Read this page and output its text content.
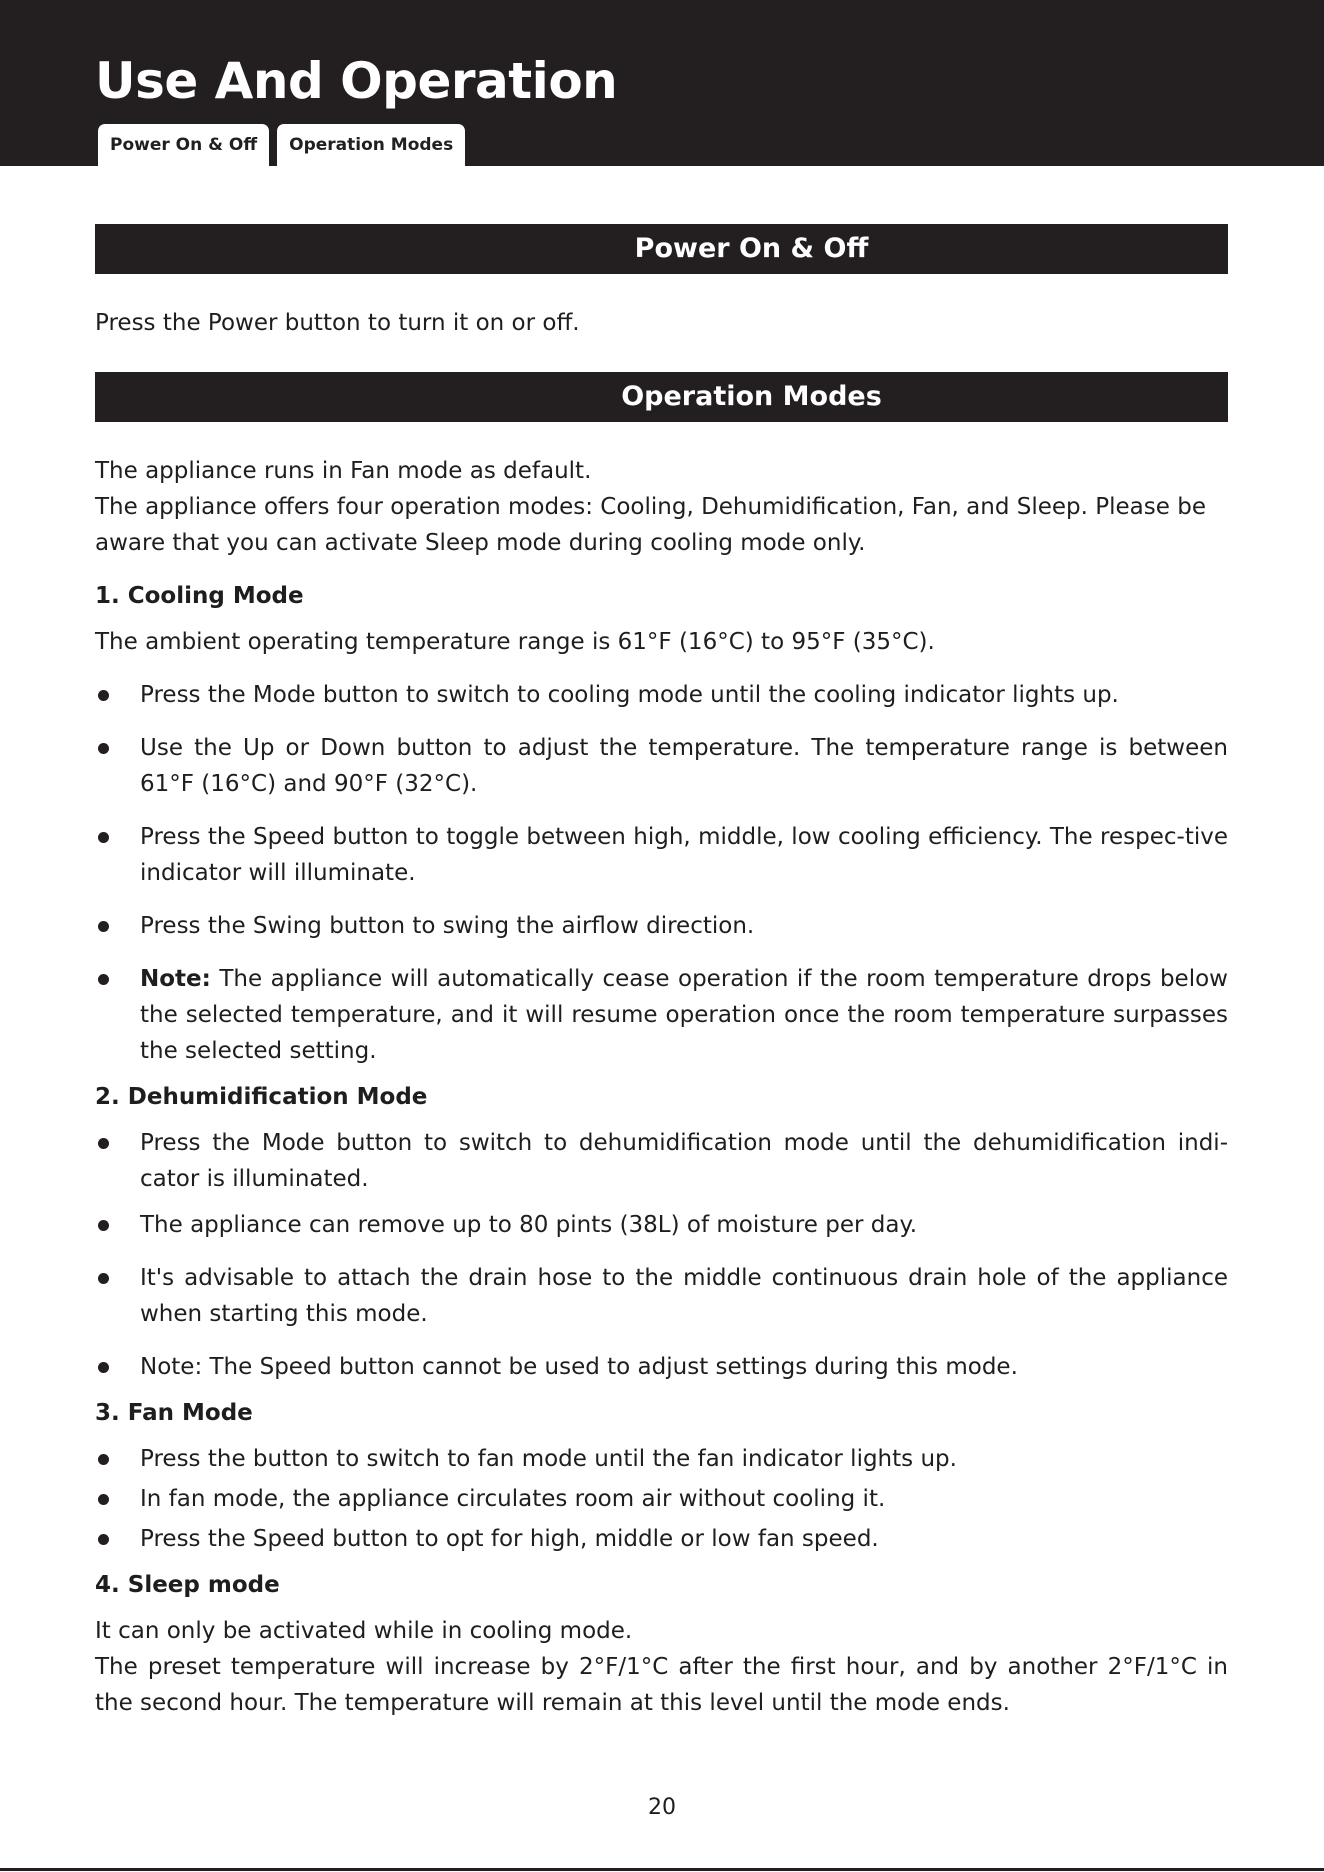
Use And Operation
Power On & Off	Operation Modes
Power On & Off

Press the Power button to turn it on or off.

Operation Modes

The appliance runs in Fan mode as default.

The appliance offers four operation modes: Cooling, Dehumidification, Fan, and Sleep. Please be aware that you can activate Sleep mode during cooling mode only.

1. Cooling Mode

The ambient operating temperature range is 61°F (16°C) to 95°F (35°C).

Press the Mode button to switch to cooling mode until the cooling indicator lights up.
Use the Up or Down button to adjust the temperature. The temperature range is between 61°F (16°C) and 90°F (32°C).
Press the Speed button to toggle between high, middle, low cooling efficiency. The respec-tive indicator will illuminate.
Press the Swing button to swing the airflow direction.
Note: The appliance will automatically cease operation if the room temperature drops below the selected temperature, and it will resume operation once the room temperature surpasses the selected setting.
2. Dehumidification Mode
Press the Mode button to switch to dehumidification mode until the dehumidification indi-cator is illuminated.
The appliance can remove up to 80 pints (38L) of moisture per day.
It's advisable to attach the drain hose to the middle continuous drain hole of the appliance when starting this mode.
Note: The Speed button cannot be used to adjust settings during this mode.
3. Fan Mode
Press the button to switch to fan mode until the fan indicator lights up.
In fan mode, the appliance circulates room air without cooling it.
Press the Speed button to opt for high, middle or low fan speed.
4. Sleep mode

It can only be activated while in cooling mode.

The preset temperature will increase by 2°F/1°C after the first hour, and by another 2°F/1°C in the second hour. The temperature will remain at this level until the mode ends.

20
